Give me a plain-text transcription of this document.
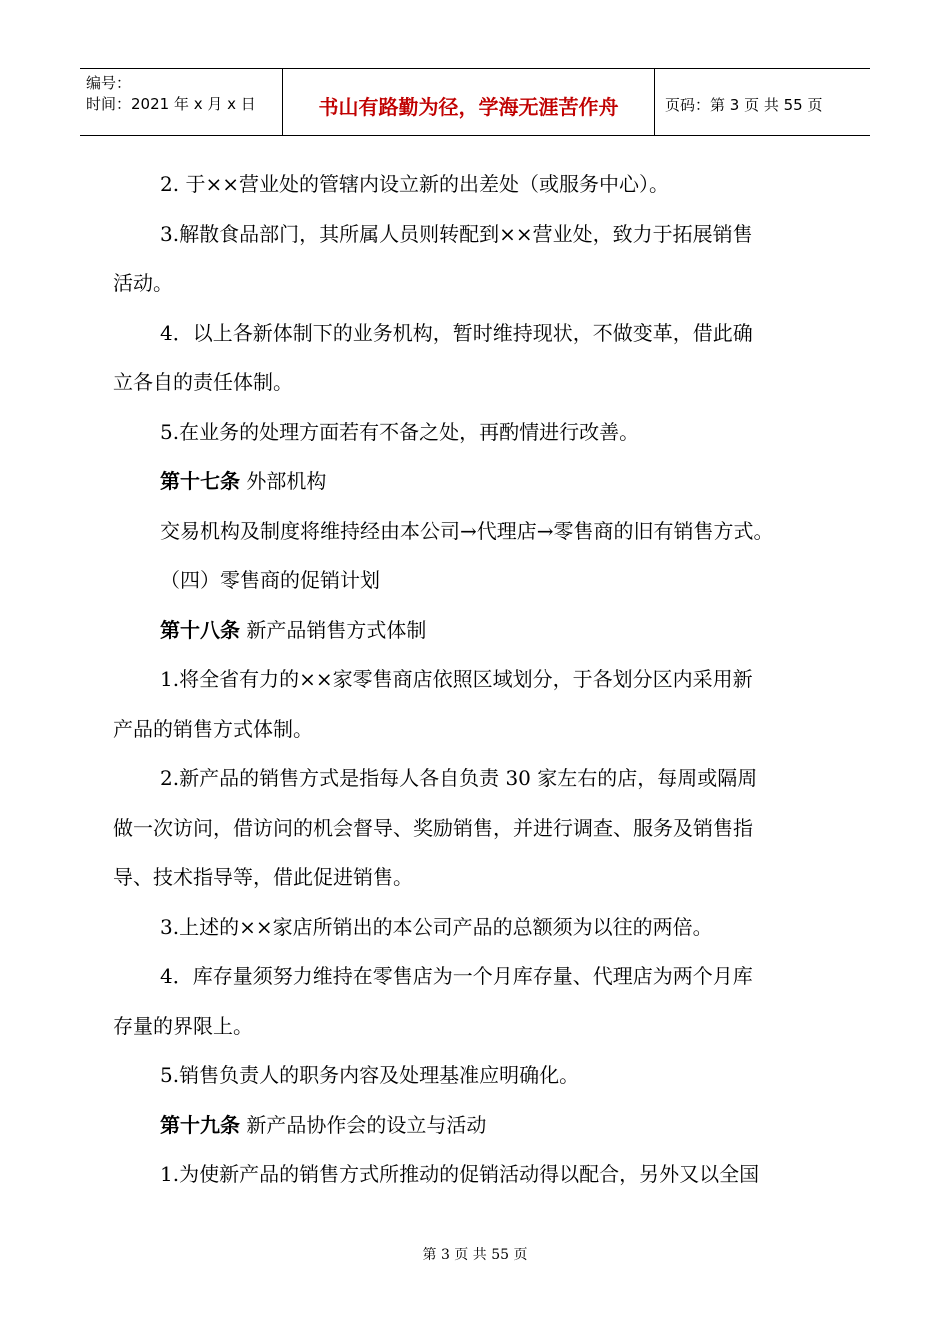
编号：
时间：2021 年 x 月 x 日	书山有路勤为径，学海无涯苦作舟	页码：第 3 页 共 55 页

2. 于××营业处的管辖内设立新的出差处（或服务中心）。

3.解散食品部门，其所属人员则转配到××营业处，致力于拓展销售

活动。

4．以上各新体制下的业务机构，暂时维持现状，不做变革，借此确

立各自的责任体制。

5.在业务的处理方面若有不备之处，再酌情进行改善。

第十七条 外部机构

交易机构及制度将维持经由本公司→代理店→零售商的旧有销售方式。

（四）零售商的促销计划

第十八条 新产品销售方式体制

1.将全省有力的××家零售商店依照区域划分，于各划分区内采用新

产品的销售方式体制。

2.新产品的销售方式是指每人各自负责 30 家左右的店，每周或隔周

做一次访问，借访问的机会督导、奖励销售，并进行调查、服务及销售指

导、技术指导等，借此促进销售。

3.上述的××家店所销出的本公司产品的总额须为以往的两倍。

4．库存量须努力维持在零售店为一个月库存量、代理店为两个月库

存量的界限上。

5.销售负责人的职务内容及处理基准应明确化。

第十九条 新产品协作会的设立与活动

1.为使新产品的销售方式所推动的促销活动得以配合，另外又以全国

第 3 页 共 55 页
